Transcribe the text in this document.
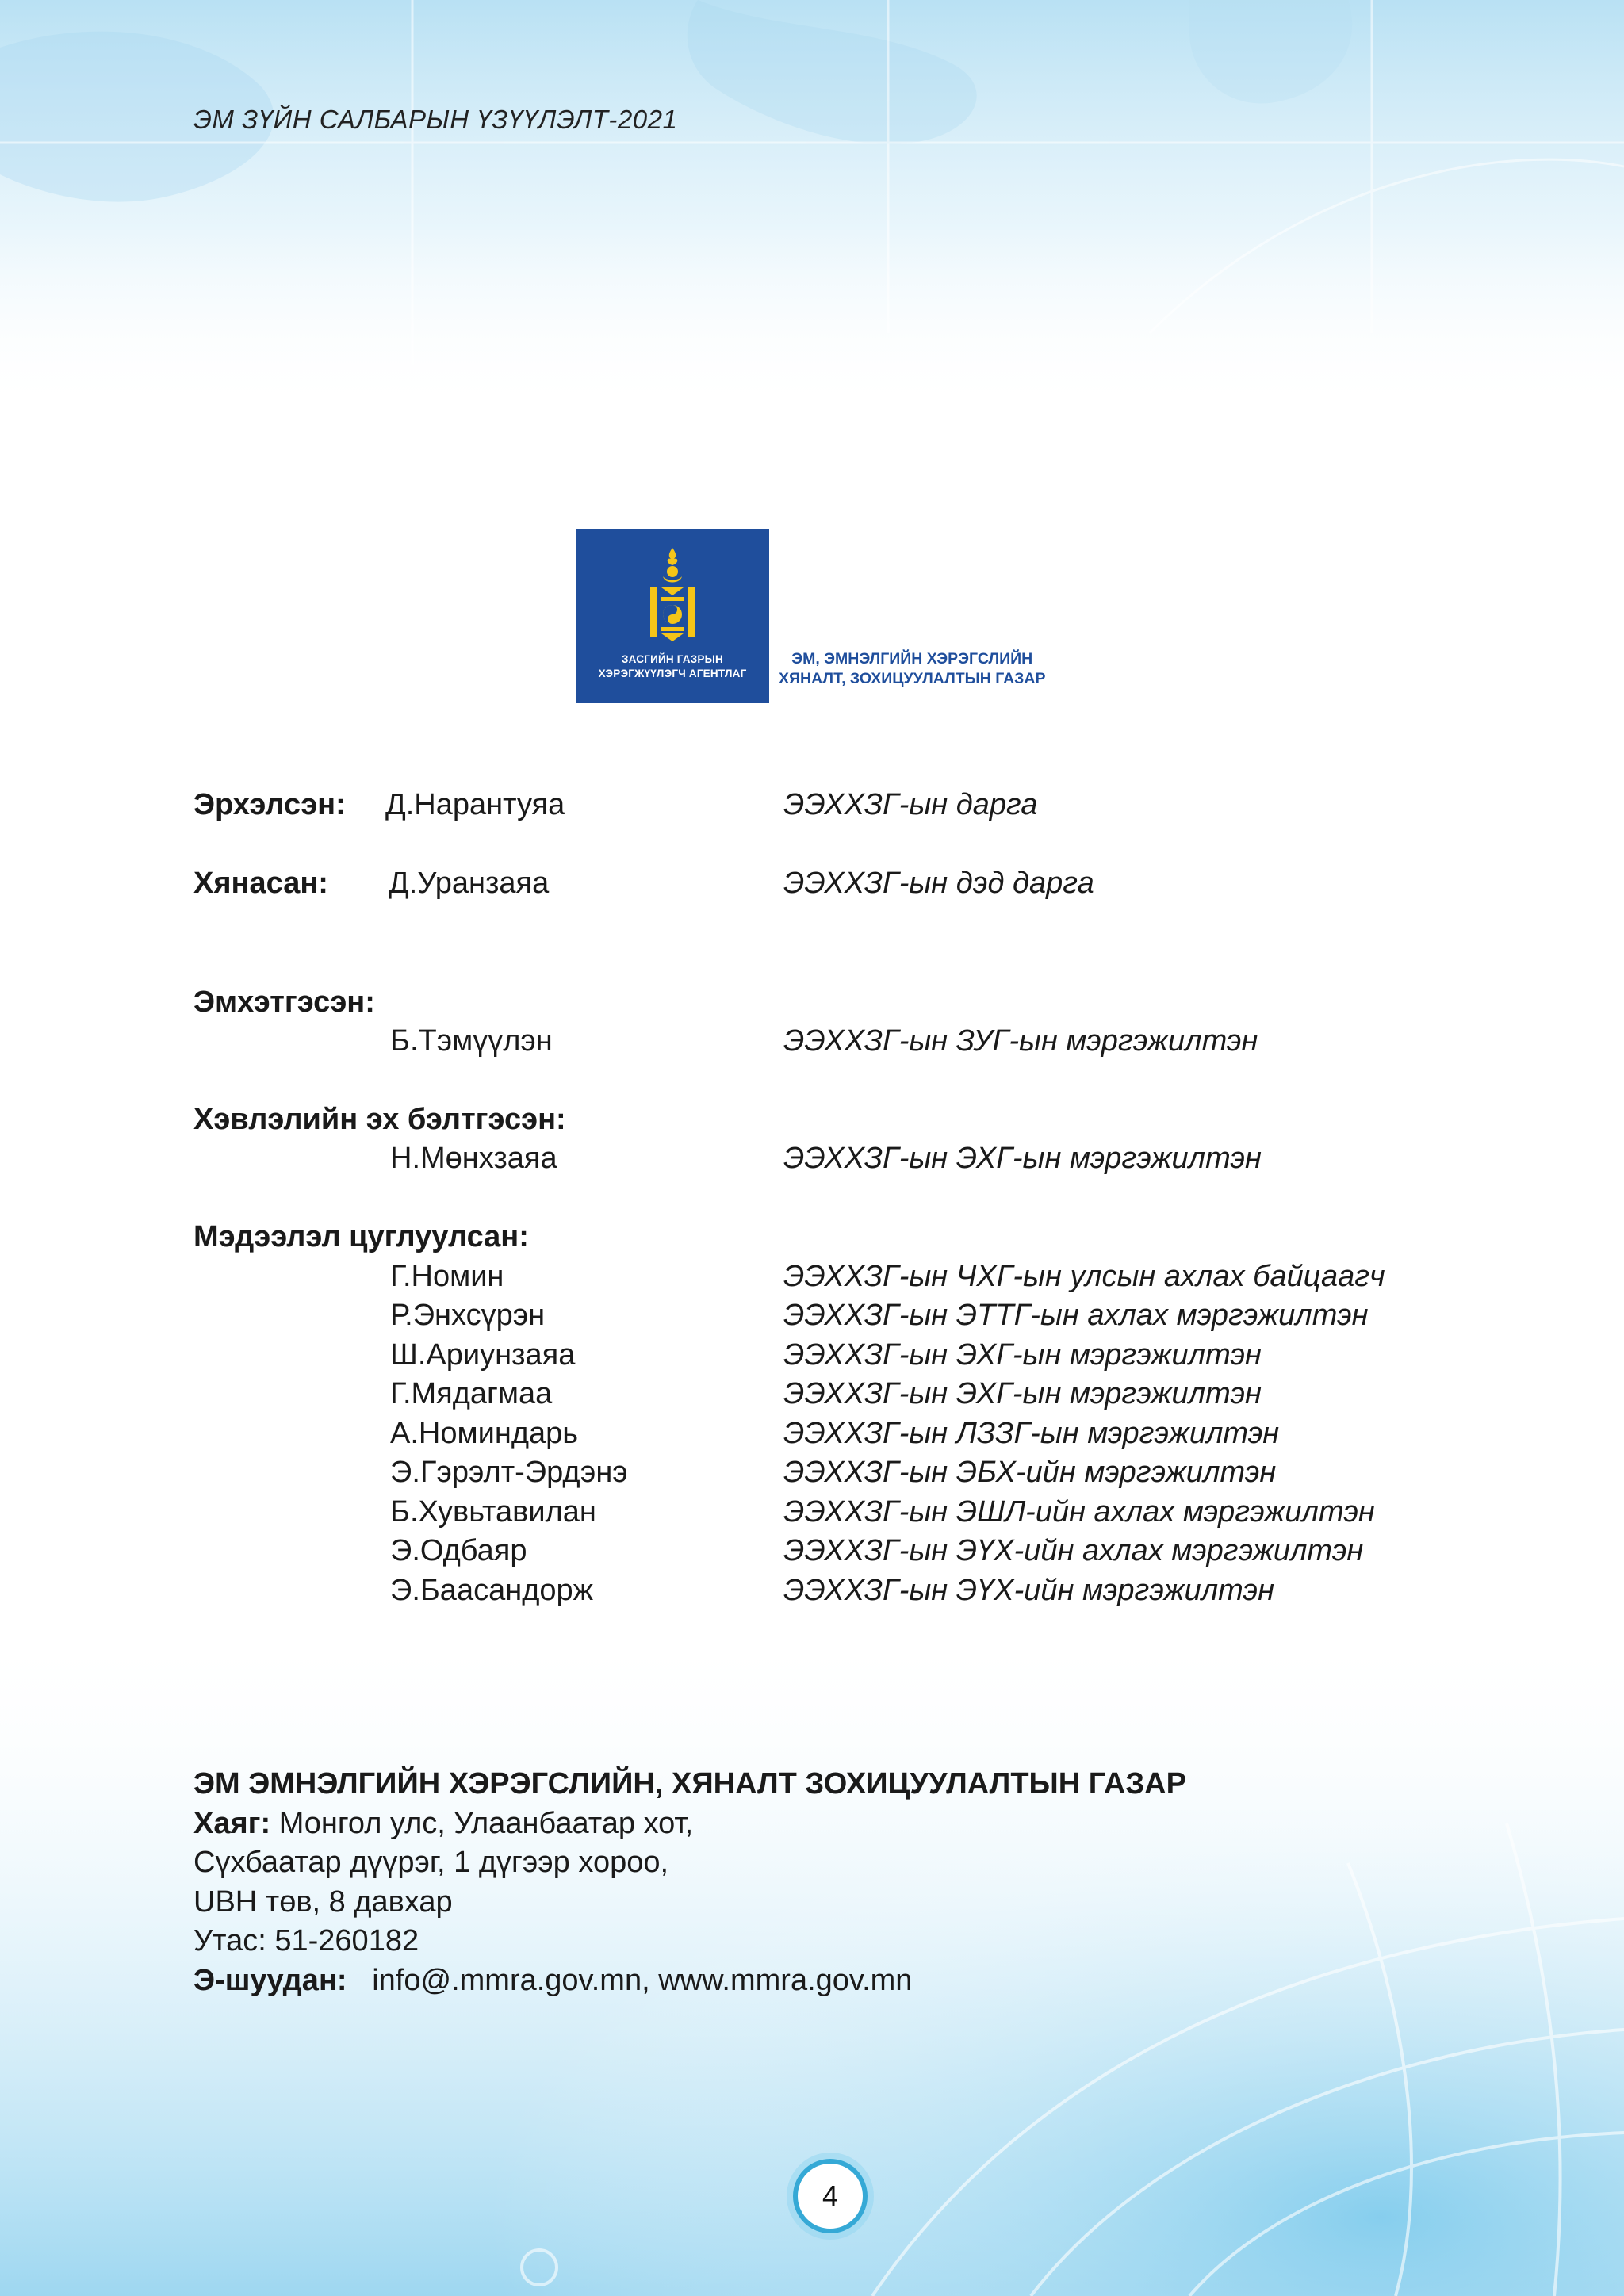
ЭМ ЗҮЙН САЛБАРЫН ҮЗҮҮЛЭЛТ-2021
ЗАСГИЙН ГАЗРЫН
ХЭРЭГЖҮҮЛЭГЧ АГЕНТЛАГ
ЭМ, ЭМНЭЛГИЙН ХЭРЭГСЛИЙН
ХЯНАЛТ, ЗОХИЦУУЛАЛТЫН ГАЗАР
Эрхэлсэн: Д.Нарантуяа	ЭЭХХЗГ-ын дарга
Хянасан: Д.Уранзаяа	ЭЭХХЗГ-ын дэд дарга
Эмхэтгэсэн:
Б.Тэмүүлэн	ЭЭХХЗГ-ын ЗУГ-ын мэргэжилтэн
Хэвлэлийн эх бэлтгэсэн:
Н.Мөнхзаяа	ЭЭХХЗГ-ын ЭХГ-ын мэргэжилтэн
Мэдээлэл цуглуулсан:
Г.Номин	ЭЭХХЗГ-ын ЧХГ-ын улсын ахлах байцаагч
Р.Энхсүрэн	ЭЭХХЗГ-ын ЭТТГ-ын ахлах мэргэжилтэн
Ш.Ариунзаяа	ЭЭХХЗГ-ын ЭХГ-ын мэргэжилтэн
Г.Мядагмаа	ЭЭХХЗГ-ын ЭХГ-ын мэргэжилтэн
А.Номиндарь	ЭЭХХЗГ-ын ЛЗЗГ-ын мэргэжилтэн
Э.Гэрэлт-Эрдэнэ	ЭЭХХЗГ-ын ЭБХ-ийн мэргэжилтэн
Б.Хувьтавилан	ЭЭХХЗГ-ын ЭШЛ-ийн ахлах мэргэжилтэн
Э.Одбаяр	ЭЭХХЗГ-ын ЭҮХ-ийн ахлах мэргэжилтэн
Э.Баасандорж	ЭЭХХЗГ-ын ЭҮХ-ийн мэргэжилтэн
ЭМ ЭМНЭЛГИЙН ХЭРЭГСЛИЙН, ХЯНАЛТ ЗОХИЦУУЛАЛТЫН ГАЗАР
Хаяг: Монгол улс, Улаанбаатар хот,
Сүхбаатар дүүрэг, 1 дүгээр хороо,
UBH төв, 8 давхар
Утас: 51-260182
Э-шуудан: info@.mmra.gov.mn, www.mmra.gov.mn
4
